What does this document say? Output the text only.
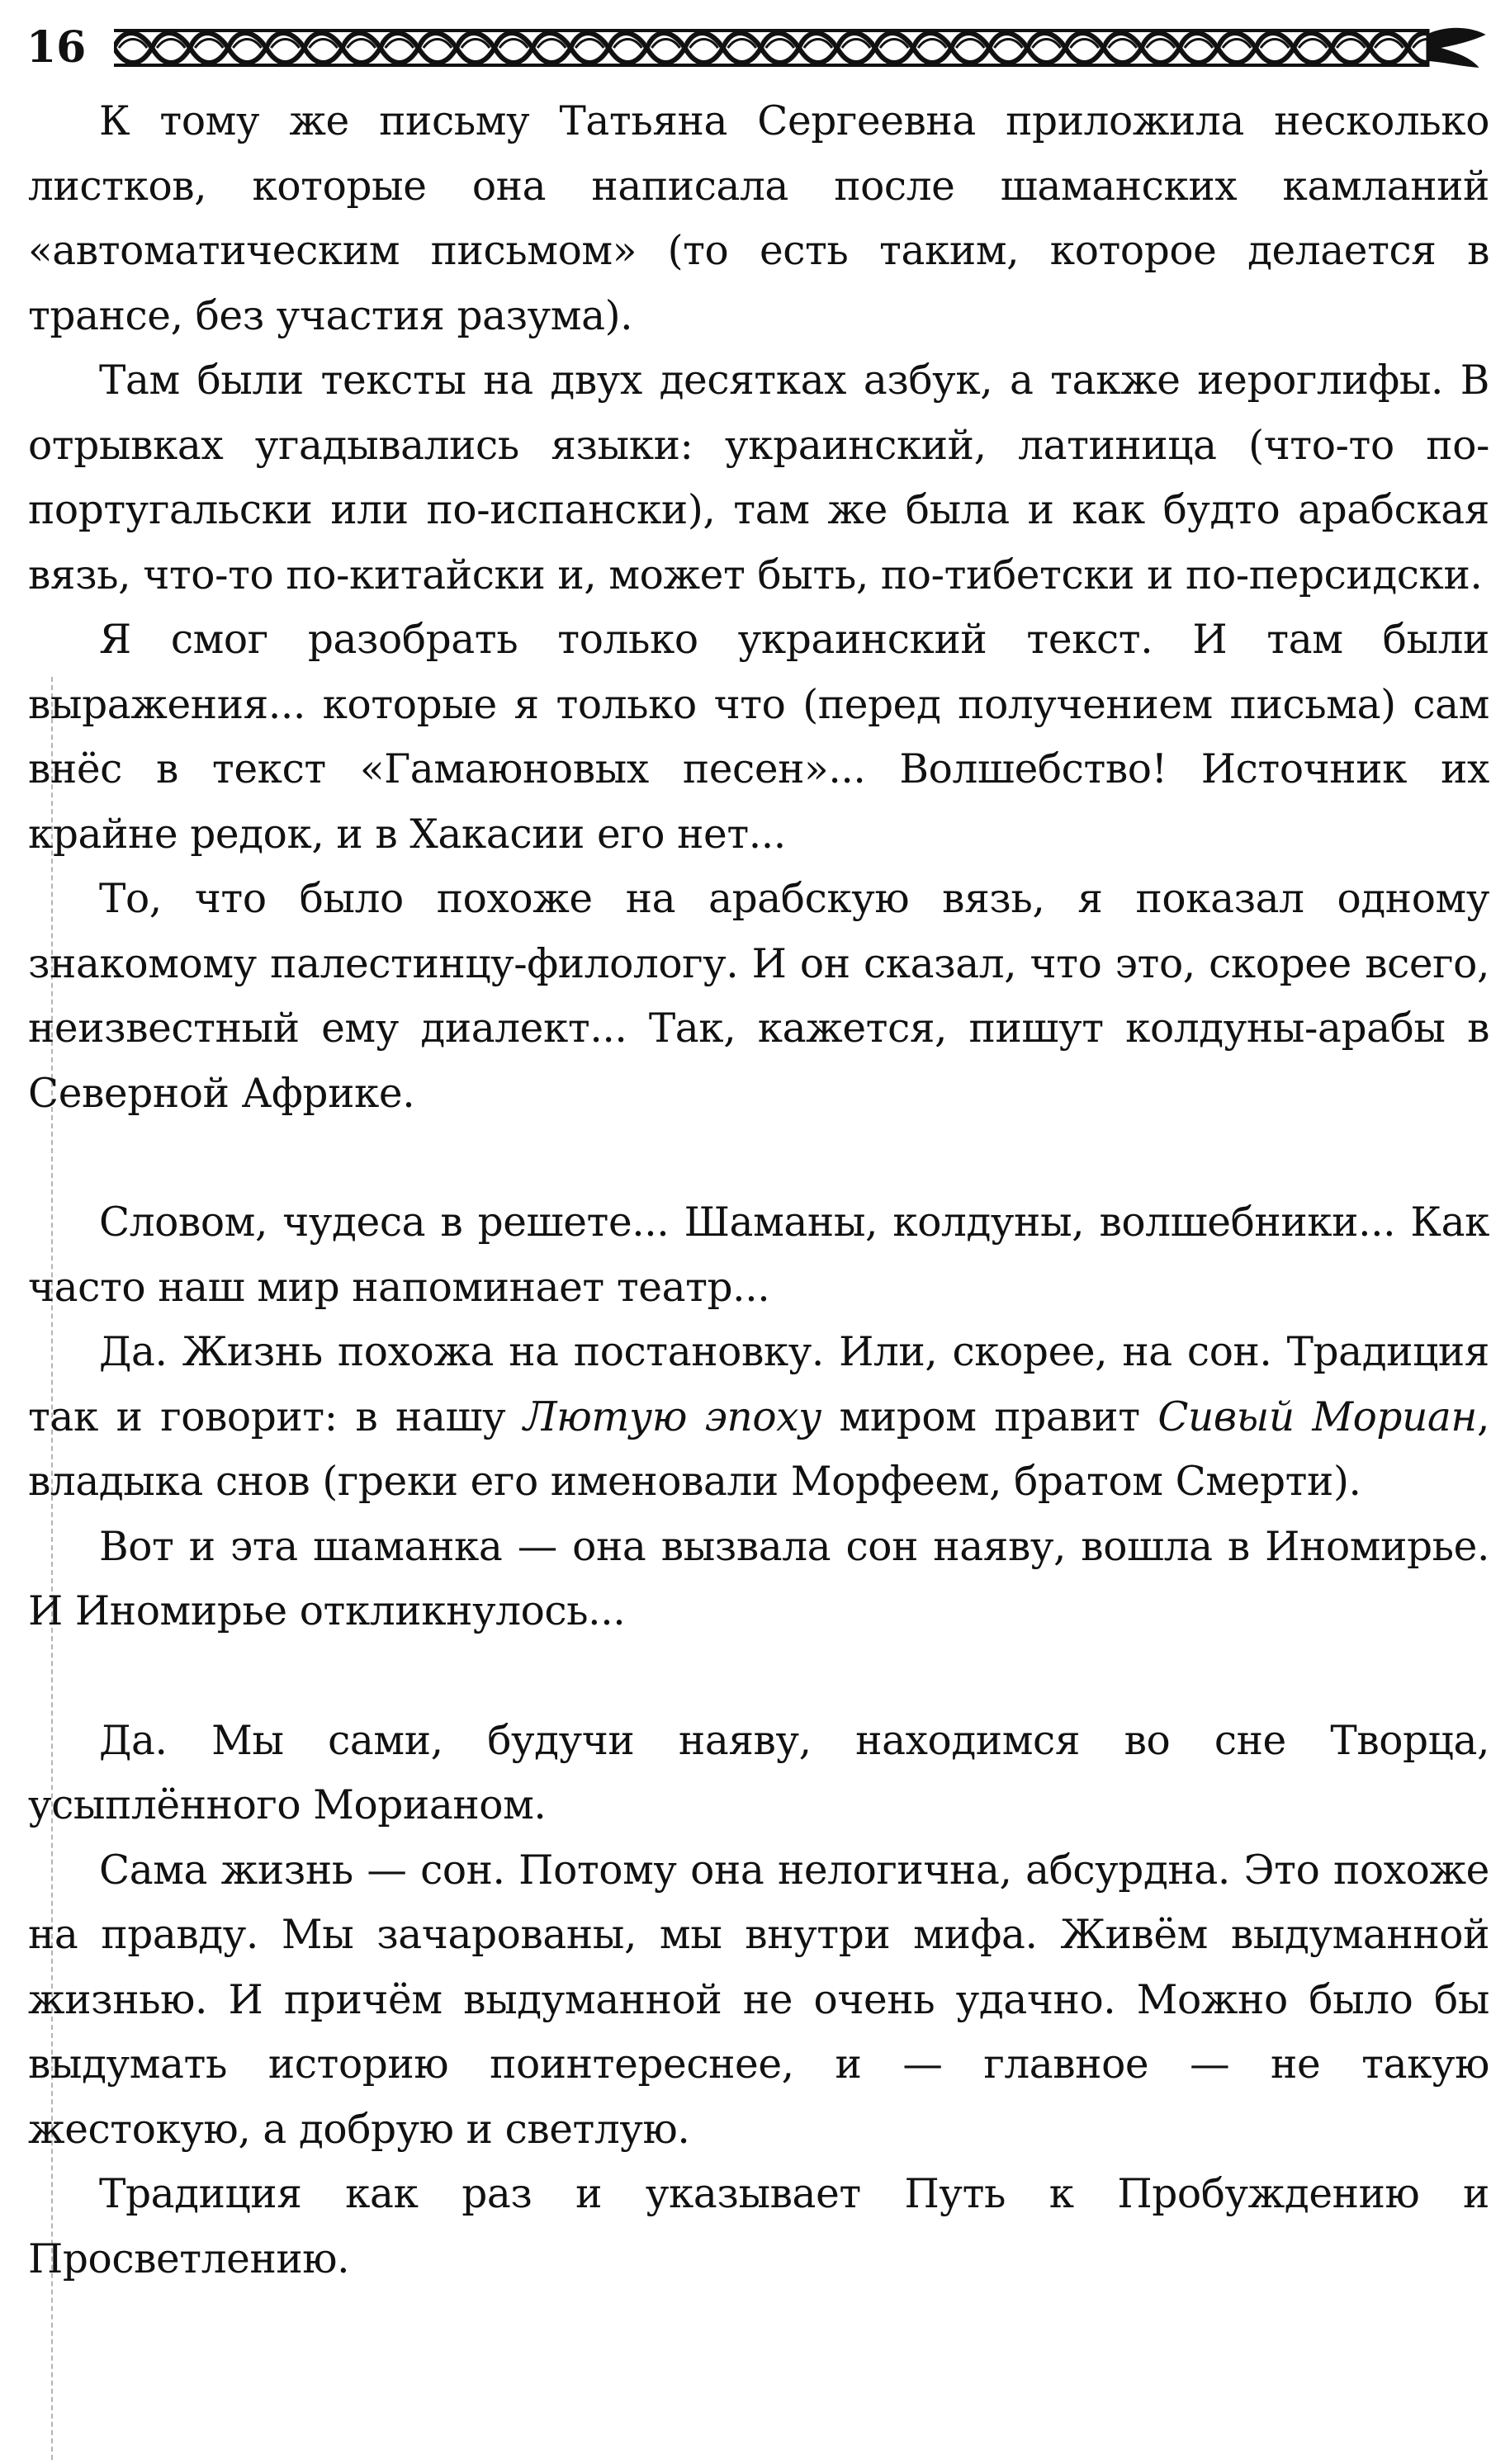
16

К тому же письму Татьяна Сергеевна приложила несколько листков, которые она написала после шаманских камланий «автоматическим письмом» (то есть таким, которое делается в трансе, без участия разума).

Там были тексты на двух десятках азбук, а также иероглифы. В отрывках угадывались языки: украинский, латиница (что-то по-португальски или по-испански), там же была и как будто арабская вязь, что-то по-китайски и, может быть, по-тибетски и по-персидски.

Я смог разобрать только украинский текст. И там были выражения... которые я только что (перед получением письма) сам внёс в текст «Гамаюновых песен»... Волшебство! Источник их крайне редок, и в Хакасии его нет...

То, что было похоже на арабскую вязь, я показал одному знакомому палестинцу-филологу. И он сказал, что это, скорее всего, неизвестный ему диалект... Так, кажется, пишут колдуны-арабы в Северной Африке.

Словом, чудеса в решете... Шаманы, колдуны, волшебники... Как часто наш мир напоминает театр...

Да. Жизнь похожа на постановку. Или, скорее, на сон. Традиция так и говорит: в нашу Лютую эпоху миром правит Сивый Мориан, владыка снов (греки его именовали Морфеем, братом Смерти).

Вот и эта шаманка — она вызвала сон наяву, вошла в Иномирье. И Иномирье откликнулось...

Да. Мы сами, будучи наяву, находимся во сне Творца, усыплённого Морианом.

Сама жизнь — сон. Потому она нелогична, абсурдна. Это похоже на правду. Мы зачарованы, мы внутри мифа. Живём выдуманной жизнью. И причём выдуманной не очень удачно. Можно было бы выдумать историю поинтереснее, и — главное — не такую жестокую, а добрую и светлую.

Традиция как раз и указывает Путь к Пробуждению и Просветлению.
